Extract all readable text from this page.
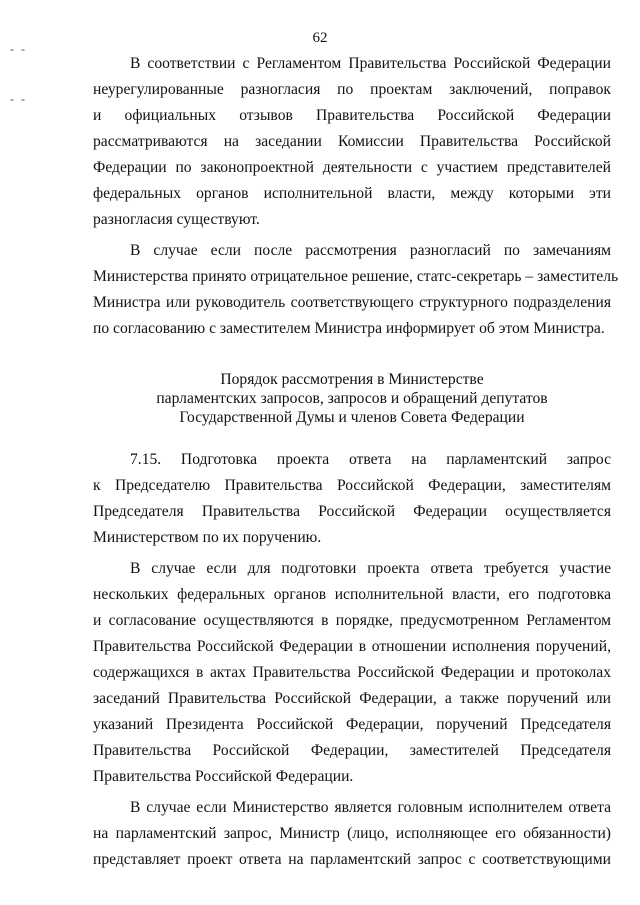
62
- -
- -
В соответствии с Регламентом Правительства Российской Федерации
неурегулированные разногласия по проектам заключений, поправок
и официальных отзывов Правительства Российской Федерации
рассматриваются на заседании Комиссии Правительства Российской
Федерации по законопроектной деятельности с участием представителей
федеральных органов исполнительной власти, между которыми эти
разногласия существуют.
В случае если после рассмотрения разногласий по замечаниям
Министерства принято отрицательное решение, статс-секретарь – заместитель
Министра или руководитель соответствующего структурного подразделения
по согласованию с заместителем Министра информирует об этом Министра.
Порядок рассмотрения в Министерстве
парламентских запросов, запросов и обращений депутатов
Государственной Думы и членов Совета Федерации
7.15. Подготовка проекта ответа на парламентский запрос
к Председателю Правительства Российской Федерации, заместителям
Председателя Правительства Российской Федерации осуществляется
Министерством по их поручению.
В случае если для подготовки проекта ответа требуется участие
нескольких федеральных органов исполнительной власти, его подготовка
и согласование осуществляются в порядке, предусмотренном Регламентом
Правительства Российской Федерации в отношении исполнения поручений,
содержащихся в актах Правительства Российской Федерации и протоколах
заседаний Правительства Российской Федерации, а также поручений или
указаний Президента Российской Федерации, поручений Председателя
Правительства Российской Федерации, заместителей Председателя
Правительства Российской Федерации.
В случае если Министерство является головным исполнителем ответа
на парламентский запрос, Министр (лицо, исполняющее его обязанности)
представляет проект ответа на парламентский запрос с соответствующими
